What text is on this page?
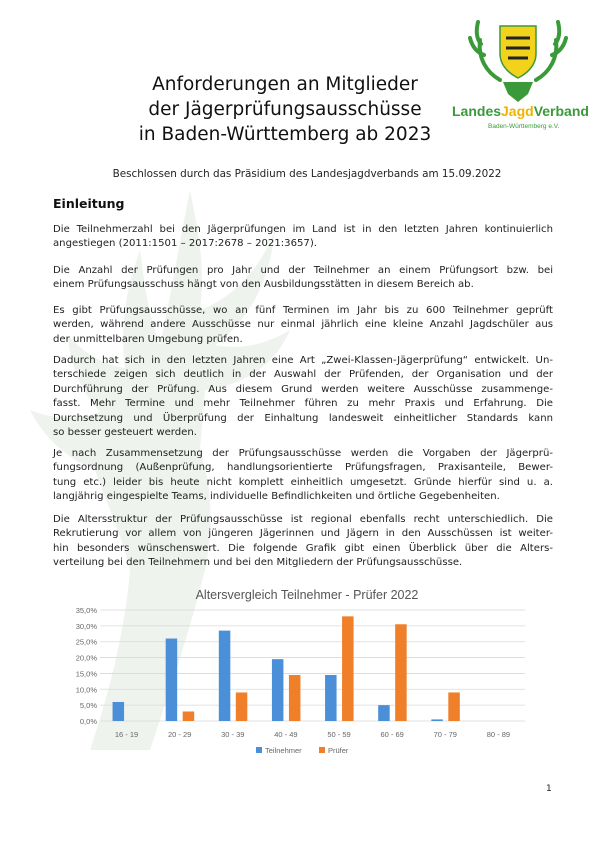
LandesJagdVerband
Baden-Württemberg e.V.
Anforderungen an Mitglieder
der Jägerprüfungsausschüsse
in Baden-Württemberg ab 2023
Beschlossen durch das Präsidium des Landesjagdverbands am 15.09.2022
Einleitung
Die Teilnehmerzahl bei den Jägerprüfungen im Land ist in den letzten Jahren kontinuierlich
angestiegen (2011:1501 – 2017:2678 – 2021:3657).
Die Anzahl der Prüfungen pro Jahr und der Teilnehmer an einem Prüfungsort bzw. bei
einem Prüfungsausschuss hängt von den Ausbildungsstätten in diesem Bereich ab.
Es gibt Prüfungsausschüsse, wo an fünf Terminen im Jahr bis zu 600 Teilnehmer geprüft
werden, während andere Ausschüsse nur einmal jährlich eine kleine Anzahl Jagdschüler aus
der unmittelbaren Umgebung prüfen.
Dadurch hat sich in den letzten Jahren eine Art „Zwei-Klassen-Jägerprüfung“ entwickelt. Un-
terschiede zeigen sich deutlich in der Auswahl der Prüfenden, der Organisation und der
Durchführung der Prüfung. Aus diesem Grund werden weitere Ausschüsse zusammenge-
fasst. Mehr Termine und mehr Teilnehmer führen zu mehr Praxis und Erfahrung. Die
Durchsetzung und Überprüfung der Einhaltung landesweit einheitlicher Standards kann
so besser gesteuert werden.
Je nach Zusammensetzung der Prüfungsausschüsse werden die Vorgaben der Jägerprü-
fungsordnung (Außenprüfung, handlungsorientierte Prüfungsfragen, Praxisanteile, Bewer-
tung etc.) leider bis heute nicht komplett einheitlich umgesetzt. Gründe hierfür sind u. a.
langjährig eingespielte Teams, individuelle Befindlichkeiten und örtliche Gegebenheiten.
Die Altersstruktur der Prüfungsausschüsse ist regional ebenfalls recht unterschiedlich. Die
Rekrutierung vor allem von jüngeren Jägerinnen und Jägern in den Ausschüssen ist weiter-
hin besonders wünschenswert. Die folgende Grafik gibt einen Überblick über die Alters-
verteilung bei den Teilnehmern und bei den Mitgliedern der Prüfungsausschüsse.
Altersvergleich Teilnehmer - Prüfer 2022
0,0%
5,0%
10,0%
15,0%
20,0%
25,0%
30,0%
35,0%
16 - 19	20 - 29	30 - 39	40 - 49	50 - 59	60 - 69	70 - 79	80 - 89
Teilnehmer	Prüfer
1
